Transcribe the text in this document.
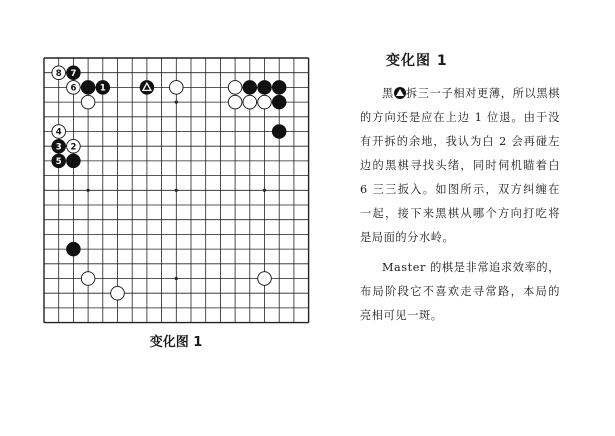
8 7
6	1
4
3 2
5
变化图 1
变化图 1

黑 拆三一子相对更薄，所以黑棋的方向还是应在上边 1 位退。由于没有开拆的余地，我认为白 2 会再碰左边的黑棋寻找头绪，同时伺机瞄着白 6 三三扳入。如图所示，双方纠缠在一起，接下来黑棋从哪个方向打吃将是局面的分水岭。

Master 的棋是非常追求效率的，布局阶段它不喜欢走寻常路，本局的亮相可见一斑。
